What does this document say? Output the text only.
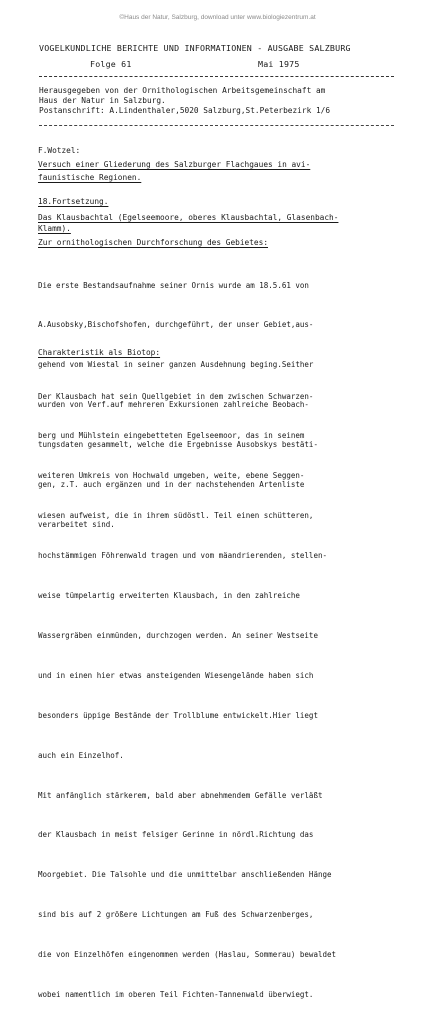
©Haus der Natur, Salzburg, download unter www.biologiezentrum.at
VOGELKUNDLICHE BERICHTE UND INFORMATIONEN - AUSGABE SALZBURG
Folge 61	Mai 1975
Herausgegeben von der Ornithologischen Arbeitsgemeinschaft am
Haus der Natur in Salzburg.
Postanschrift: A.Lindenthaler,5020 Salzburg,St.Peterbezirk 1/6
F.Wotzel:
Versuch einer Gliederung des Salzburger Flachgaues in avi-
faunistische Regionen.
18.Fortsetzung.
Das Klausbachtal (Egelseemoore, oberes Klausbachtal, Glasenbach-
Klamm).
Zur ornithologischen Durchforschung des Gebietes:

Die erste Bestandsaufnahme seiner Ornis wurde am 18.5.61 von

A.Ausobsky,Bischofshofen, durchgeführt, der unser Gebiet,aus-

gehend vom Wiestal in seiner ganzen Ausdehnung beging.Seither

wurden von Verf.auf mehreren Exkursionen zahlreiche Beobach-

tungsdaten gesammelt, welche die Ergebnisse Ausobskys bestäti-

gen, z.T. auch ergänzen und in der nachstehenden Artenliste

verarbeitet sind.

Charakteristik als Biotop:

Der Klausbach hat sein Quellgebiet in dem zwischen Schwarzen-

berg und Mühlstein eingebetteten Egelseemoor, das in seinem

weiteren Umkreis von Hochwald umgeben, weite, ebene Seggen-

wiesen aufweist, die in ihrem südöstl. Teil einen schütteren,

hochstämmigen Föhrenwald tragen und vom mäandrierenden, stellen-

weise tümpelartig erweiterten Klausbach, in den zahlreiche

Wassergräben einmünden, durchzogen werden. An seiner Westseite

und in einen hier etwas ansteigenden Wiesengelände haben sich

besonders üppige Bestände der Trollblume entwickelt.Hier liegt

auch ein Einzelhof.

Mit anfänglich stärkerem, bald aber abnehmendem Gefälle verläßt

der Klausbach in meist felsiger Gerinne in nördl.Richtung das

Moorgebiet. Die Talsohle und die unmittelbar anschließenden Hänge

sind bis auf 2 größere Lichtungen am Fuß des Schwarzenberges,

die von Einzelhöfen eingenommen werden (Haslau, Sommerau) bewaldet

wobei namentlich im oberen Teil Fichten-Tannenwald überwiegt.
